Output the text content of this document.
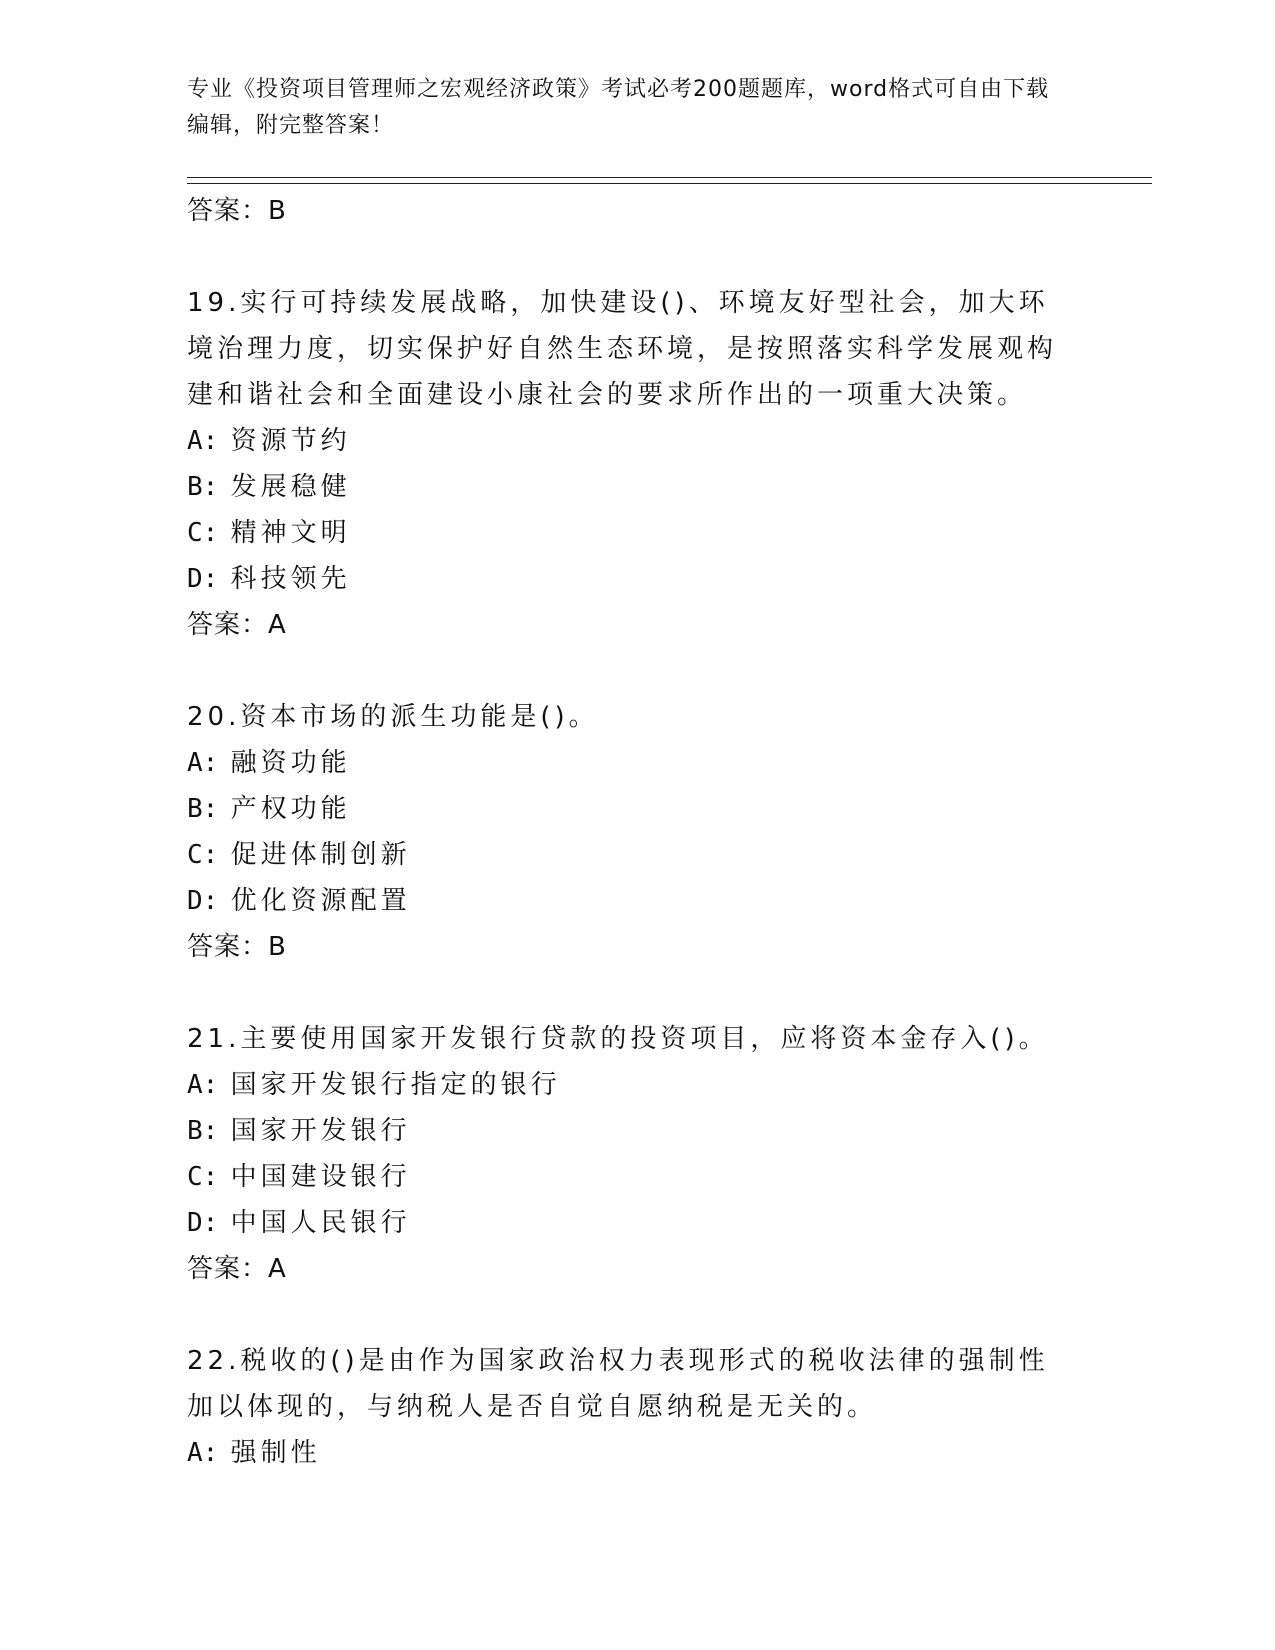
专业《投资项目管理师之宏观经济政策》考试必考200题题库，word格式可自由下载编辑，附完整答案！
答案：B
19.实行可持续发展战略，加快建设()、环境友好型社会，加大环境治理力度，切实保护好自然生态环境，是按照落实科学发展观构建和谐社会和全面建设小康社会的要求所作出的一项重大决策。
A: 资源节约
B: 发展稳健
C: 精神文明
D: 科技领先
答案：A
20.资本市场的派生功能是()。
A: 融资功能
B: 产权功能
C: 促进体制创新
D: 优化资源配置
答案：B
21.主要使用国家开发银行贷款的投资项目，应将资本金存入()。
A: 国家开发银行指定的银行
B: 国家开发银行
C: 中国建设银行
D: 中国人民银行
答案：A
22.税收的()是由作为国家政治权力表现形式的税收法律的强制性加以体现的，与纳税人是否自觉自愿纳税是无关的。
A: 强制性
